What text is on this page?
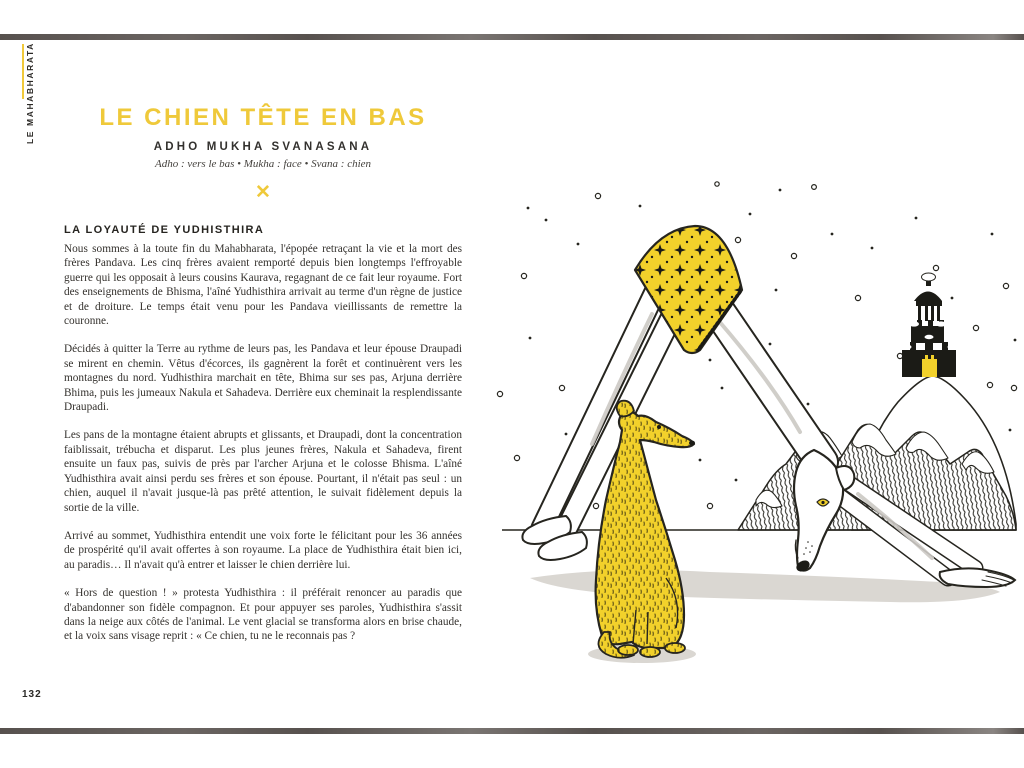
LE MAHABHARATA	LE CHIEN TÊTE EN BAS
ADHO MUKHA SVANASANA
Adho : vers le bas • Mukha : face • Svana : chien
✕
LA LOYAUTÉ DE YUDHISTHIRA

Nous sommes à la toute fin du Mahabharata, l'épopée retraçant la vie et la mort des frères Pandava. Les cinq frères avaient remporté depuis bien longtemps l'effroyable guerre qui les opposait à leurs cousins Kaurava, regagnant de ce fait leur royaume. Fort des enseignements de Bhisma, l'aîné Yudhisthira arrivait au terme d'un règne de justice et de droiture. Le temps était venu pour les Pandava vieillissants de remettre la couronne.

Décidés à quitter la Terre au rythme de leurs pas, les Pandava et leur épouse Draupadi se mirent en chemin. Vêtus d'écorces, ils gagnèrent la forêt et continuèrent vers les montagnes du nord. Yudhisthira marchait en tête, Bhima sur ses pas, Arjuna derrière Bhima, puis les jumeaux Nakula et Sahadeva. Derrière eux cheminait la resplendissante Draupadi.

Les pans de la montagne étaient abrupts et glissants, et Draupadi, dont la concentration faiblissait, trébucha et disparut. Les plus jeunes frères, Nakula et Sahadeva, firent ensuite un faux pas, suivis de près par l'archer Arjuna et le colosse Bhisma. L'aîné Yudhisthira avait ainsi perdu ses frères et son épouse. Pourtant, il n'était pas seul : un chien, auquel il n'avait jusque-là pas prêté attention, le suivait fidèlement depuis la sortie de la ville.

Arrivé au sommet, Yudhisthira entendit une voix forte le félicitant pour les 36 années de prospérité qu'il avait offertes à son royaume. La place de Yudhisthira était bien ici, au paradis… Il n'avait qu'à entrer et laisser le chien derrière lui.

« Hors de question ! » protesta Yudhisthira : il préférait renoncer au paradis que d'abandonner son fidèle compagnon. Et pour appuyer ses paroles, Yudhisthira s'assit dans la neige aux côtés de l'animal. Le vent glacial se transforma alors en brise chaude, et la voix sans visage reprit : « Ce chien, tu ne le reconnais pas ?

132
